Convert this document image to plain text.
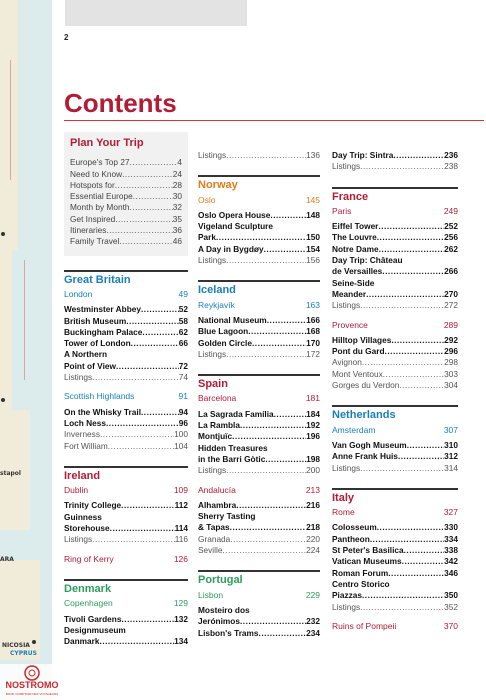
stapol
ARA
NICOSIA
CYPRUS
2
Contents
Plan Your Trip
Europe's Top 27 .....	4
Need to Know .....	24
Hotspots for .....	28
Essential Europe .....	30
Month by Month .....	32
Get Inspired .....	35
Itineraries .....	36
Family Travel .....	46
Great Britain
London	49
Westminster Abbey .....	52
British Museum .....	58
Buckingham Palace .....	62
Tower of London .....	66
A Northern
Point of View .....	72
Listings .....	74
Scottish Highlands	91
On the Whisky Trail .....	94
Loch Ness .....	96
Inverness .....	100
Fort William .....	104
Ireland
Dublin	109
Trinity College .....	112
Guinness
Storehouse .....	114
Listings .....	116
Ring of Kerry	126
Denmark
Copenhagen	129
Tivoli Gardens .....	132
Designmuseum
Danmark .....	134
Listings .....	136
Norway
Oslo	145
Oslo Opera House .....	148
Vigeland Sculpture
Park .....	150
A Day in Bygdøy .....	154
Listings .....	156
Iceland
Reykjavík	163
National Museum .....	166
Blue Lagoon .....	168
Golden Circle .....	170
Listings .....	172
Spain
Barcelona	181
La Sagrada Família .....	184
La Rambla .....	192
Montjuïc .....	196
Hidden Treasures
in the Barri Gòtic .....	198
Listings .....	200
Andalucía	213
Alhambra .....	216
Sherry Tasting
& Tapas .....	218
Granada .....	220
Seville .....	224
Portugal
Lisbon	229
Mosteiro dos
Jerónimos .....	232
Lisbon's Trams .....	234
Day Trip: Sintra .....	236
Listings .....	238
France
Paris	249
Eiffel Tower .....	252
The Louvre .....	256
Notre Dame .....	262
Day Trip: Château
de Versailles .....	266
Seine-Side
Meander .....	270
Listings .....	272
Provence	289
Hilltop Villages .....	292
Pont du Gard .....	296
Avignon .....	298
Mont Ventoux .....	303
Gorges du Verdon .....	304
Netherlands
Amsterdam	307
Van Gogh Museum .....	310
Anne Frank Huis .....	312
Listings .....	314
Italy
Rome	327
Colosseum .....	330
Pantheon .....	334
St Peter's Basilica .....	338
Vatican Museums .....	342
Roman Forum .....	346
Centro Storico
Piazzas .....	350
Listings .....	352
Ruins of Pompeii	370
NOSTROMO
BOOK COMPTOIR DES VOYAGEURS
